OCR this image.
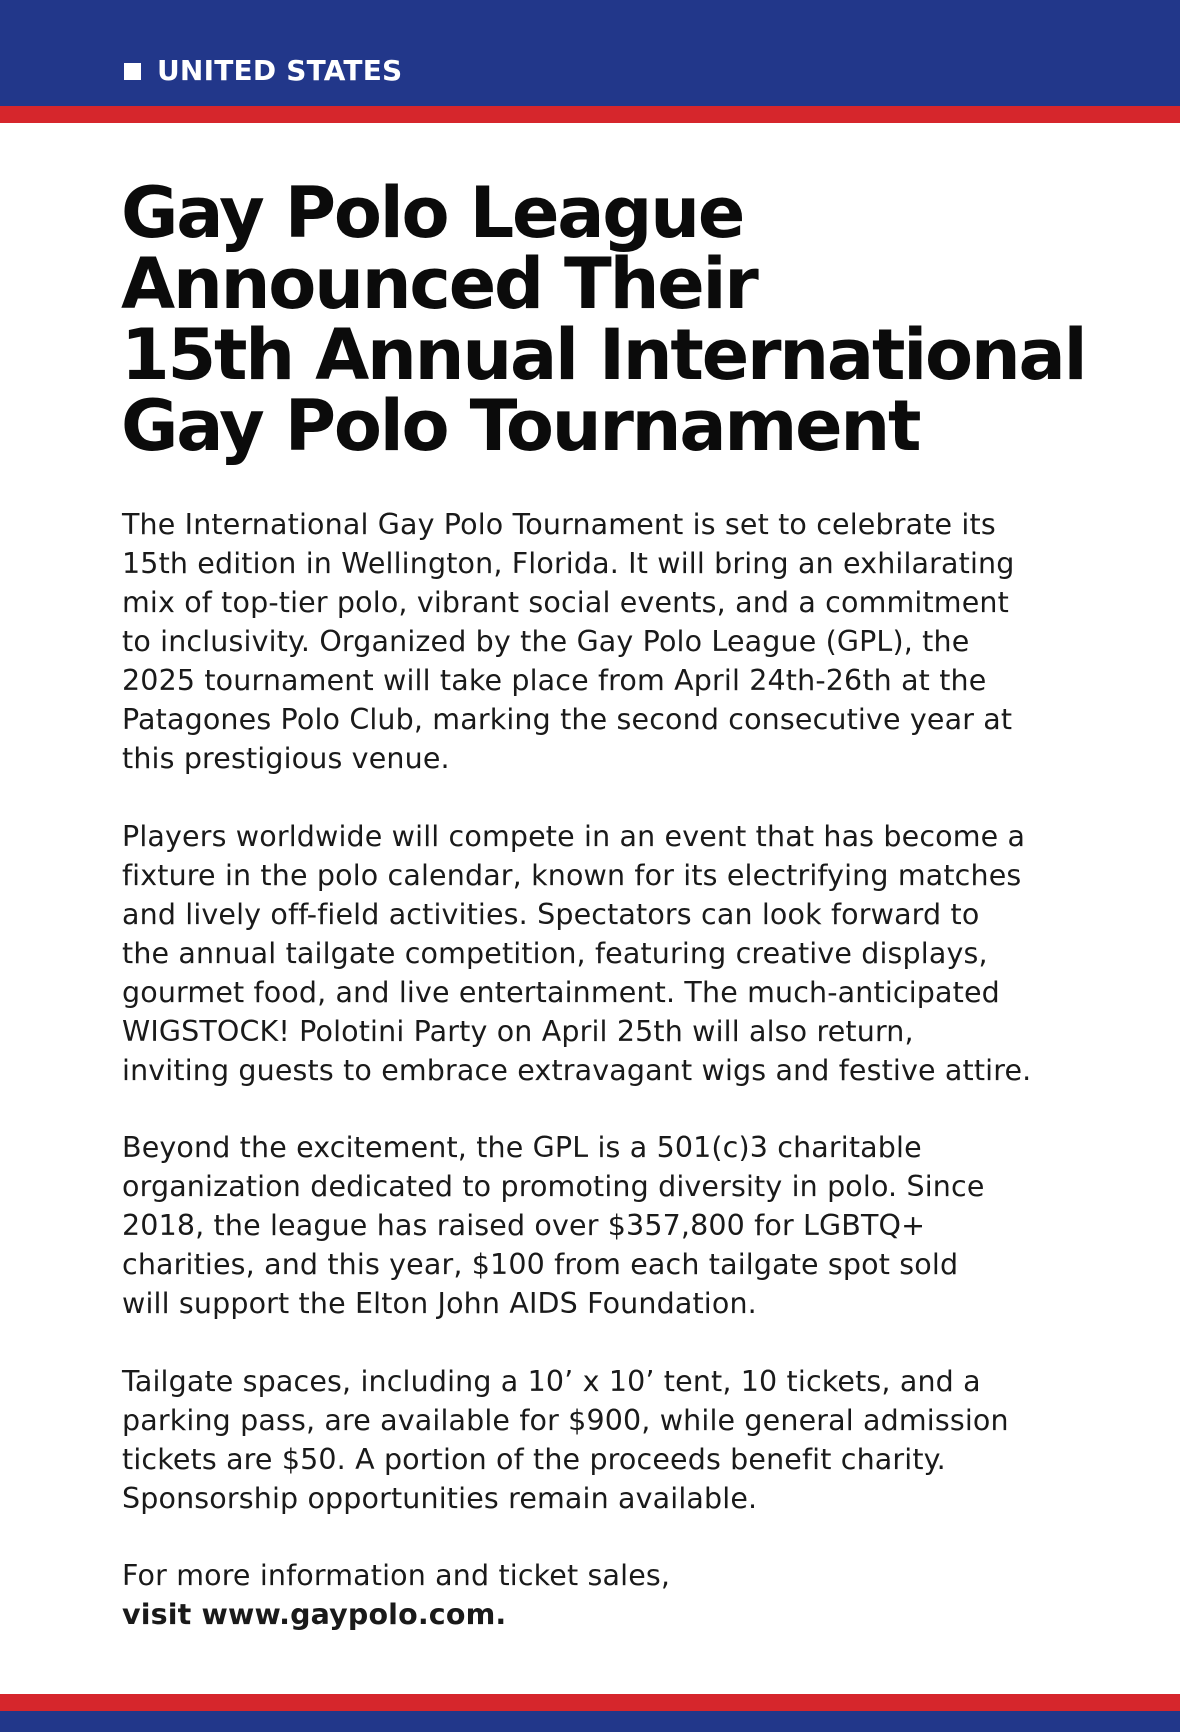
UNITED STATES
Gay Polo League
Announced Their
15th Annual International
Gay Polo Tournament

The International Gay Polo Tournament is set to celebrate its
15th edition in Wellington, Florida. It will bring an exhilarating
mix of top-tier polo, vibrant social events, and a commitment
to inclusivity. Organized by the Gay Polo League (GPL), the
2025 tournament will take place from April 24th-26th at the
Patagones Polo Club, marking the second consecutive year at
this prestigious venue.

Players worldwide will compete in an event that has become a
fixture in the polo calendar, known for its electrifying matches
and lively off-field activities. Spectators can look forward to
the annual tailgate competition, featuring creative displays,
gourmet food, and live entertainment. The much-anticipated
WIGSTOCK! Polotini Party on April 25th will also return,
inviting guests to embrace extravagant wigs and festive attire.

Beyond the excitement, the GPL is a 501(c)3 charitable
organization dedicated to promoting diversity in polo. Since
2018, the league has raised over $357,800 for LGBTQ+
charities, and this year, $100 from each tailgate spot sold
will support the Elton John AIDS Foundation.

Tailgate spaces, including a 10’ x 10’ tent, 10 tickets, and a
parking pass, are available for $900, while general admission
tickets are $50. A portion of the proceeds benefit charity.
Sponsorship opportunities remain available.

For more information and ticket sales,
visit www.gaypolo.com.
